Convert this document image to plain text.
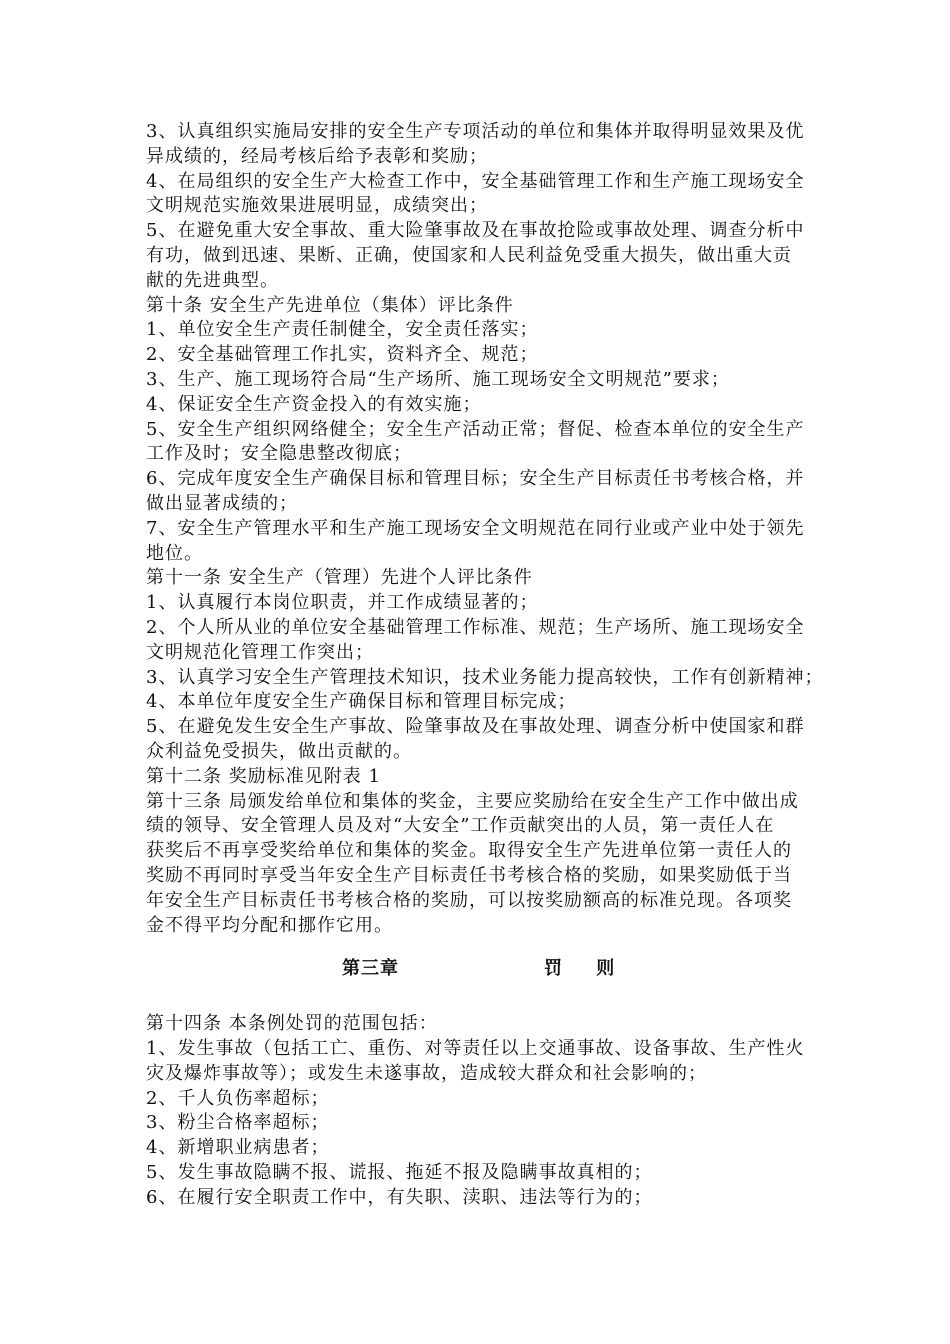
3、认真组织实施局安排的安全生产专项活动的单位和集体并取得明显效果及优
异成绩的，经局考核后给予表彰和奖励；
4、在局组织的安全生产大检查工作中，安全基础管理工作和生产施工现场安全
文明规范实施效果进展明显，成绩突出；
5、在避免重大安全事故、重大险肇事故及在事故抢险或事故处理、调查分析中
有功，做到迅速、果断、正确，使国家和人民利益免受重大损失，做出重大贡
献的先进典型。
第十条 安全生产先进单位（集体）评比条件
1、单位安全生产责任制健全，安全责任落实；
2、安全基础管理工作扎实，资料齐全、规范；
3、生产、施工现场符合局“生产场所、施工现场安全文明规范”要求；
4、保证安全生产资金投入的有效实施；
5、安全生产组织网络健全；安全生产活动正常；督促、检查本单位的安全生产
工作及时；安全隐患整改彻底；
6、完成年度安全生产确保目标和管理目标；安全生产目标责任书考核合格，并
做出显著成绩的；
7、安全生产管理水平和生产施工现场安全文明规范在同行业或产业中处于领先
地位。
第十一条 安全生产（管理）先进个人评比条件
1、认真履行本岗位职责，并工作成绩显著的；
2、个人所从业的单位安全基础管理工作标准、规范；生产场所、施工现场安全
文明规范化管理工作突出；
3、认真学习安全生产管理技术知识，技术业务能力提高较快，工作有创新精神；
4、本单位年度安全生产确保目标和管理目标完成；
5、在避免发生安全生产事故、险肇事故及在事故处理、调查分析中使国家和群
众利益免受损失，做出贡献的。
第十二条 奖励标准见附表 1
第十三条 局颁发给单位和集体的奖金，主要应奖励给在安全生产工作中做出成
绩的领导、安全管理人员及对“大安全”工作贡献突出的人员，第一责任人在
获奖后不再享受奖给单位和集体的奖金。取得安全生产先进单位第一责任人的
奖励不再同时享受当年安全生产目标责任书考核合格的奖励，如果奖励低于当
年安全生产目标责任书考核合格的奖励，可以按奖励额高的标准兑现。各项奖
金不得平均分配和挪作它用。
第三章	罚 则
第十四条 本条例处罚的范围包括：
1、发生事故（包括工亡、重伤、对等责任以上交通事故、设备事故、生产性火
灾及爆炸事故等）；或发生未遂事故，造成较大群众和社会影响的；
2、千人负伤率超标；
3、粉尘合格率超标；
4、新增职业病患者；
5、发生事故隐瞒不报、谎报、拖延不报及隐瞒事故真相的；
6、在履行安全职责工作中，有失职、渎职、违法等行为的；
